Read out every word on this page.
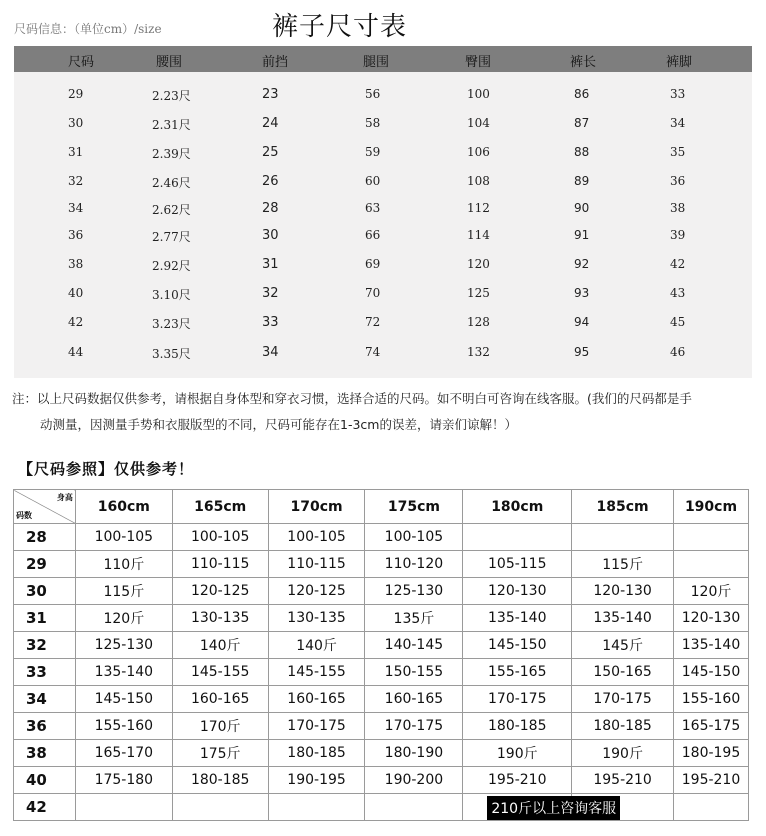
尺码信息：（单位cm）/size	裤子尺寸表
尺码	腰围	前挡	腿围	臀围	裤长	裤脚
29	2.23尺	23	56	100	86	33
30	2.31尺	24	58	104	87	34
31	2.39尺	25	59	106	88	35
32	2.46尺	26	60	108	89	36
34	2.62尺	28	63	112	90	38
36	2.77尺	30	66	114	91	39
38	2.92尺	31	69	120	92	42
40	3.10尺	32	70	125	93	43
42	3.23尺	33	72	128	94	45
44	3.35尺	34	74	132	95	46
注：以上尺码数据仅供参考，请根据自身体型和穿衣习惯，选择合适的尺码。如不明白可咨询在线客服。(我们的尺码都是手
动测量，因测量手势和衣服版型的不同，尺码可能存在1-3cm的误差，请亲们谅解！）
【尺码参照】仅供参考！
身高
码数	160cm	165cm	170cm	175cm	180cm	185cm	190cm
28	100-105	100-105	100-105	100-105			
29	110斤	110-115	110-115	110-120	105-115	115斤	
30	115斤	120-125	120-125	125-130	120-130	120-130	120斤
31	120斤	130-135	130-135	135斤	135-140	135-140	120-130
32	125-130	140斤	140斤	140-145	145-150	145斤	135-140
33	135-140	145-155	145-155	150-155	155-165	150-165	145-150
34	145-150	160-165	160-165	160-165	170-175	170-175	155-160
36	155-160	170斤	170-175	170-175	180-185	180-185	165-175
38	165-170	175斤	180-185	180-190	190斤	190斤	180-195
40	175-180	180-185	190-195	190-200	195-210	195-210	195-210
42					210斤以上咨询客服		
